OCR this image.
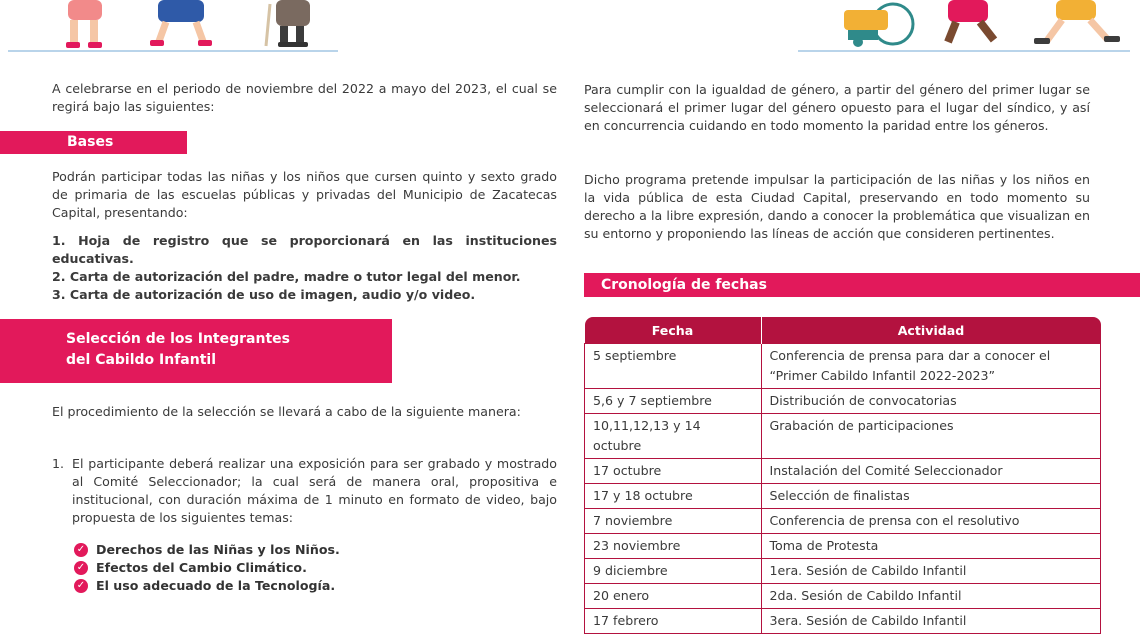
A celebrarse en el periodo de noviembre del 2022 a mayo del 2023, el cual se regirá bajo las siguientes:

Bases

Podrán participar todas las niñas y los niños que cursen quinto y sexto grado de primaria de las escuelas públicas y privadas del Municipio de Zacatecas Capital, presentando:

1. Hoja de registro que se proporcionará en las instituciones educativas.
2. Carta de autorización del padre, madre o tutor legal del menor.
3. Carta de autorización de uso de imagen, audio y/o video.
Selección de los Integrantes
del Cabildo Infantil

El procedimiento de la selección se llevará a cabo de la siguiente manera:

1. El participante deberá realizar una exposición para ser grabado y mostrado al Comité Seleccionador; la cual será de manera oral, propositiva e institucional, con duración máxima de 1 minuto en formato de video, bajo propuesta de los siguientes temas:

✓ Derechos de las Niñas y los Niños.
✓ Efectos del Cambio Climático.
✓ El uso adecuado de la Tecnología.

Para cumplir con la igualdad de género, a partir del género del primer lugar se seleccionará el primer lugar del género opuesto para el lugar del síndico, y así en concurrencia cuidando en todo momento la paridad entre los géneros.

Dicho programa pretende impulsar la participación de las niñas y los niños en la vida pública de esta Ciudad Capital, preservando en todo momento su derecho a la libre expresión, dando a conocer la problemática que visualizan en su entorno y proponiendo las líneas de acción que consideren pertinentes.

Cronología de fechas
Fecha	Actividad
5 septiembre	Conferencia de prensa para dar a conocer el “Primer Cabildo Infantil 2022-2023”
5,6 y 7 septiembre	Distribución de convocatorias
10,11,12,13 y 14 octubre	Grabación de participaciones
17 octubre	Instalación del Comité Seleccionador
17 y 18 octubre	Selección de finalistas
7 noviembre	Conferencia de prensa con el resolutivo
23 noviembre	Toma de Protesta
9 diciembre	1era. Sesión de Cabildo Infantil
20 enero	2da. Sesión de Cabildo Infantil
17 febrero	3era. Sesión de Cabildo Infantil
